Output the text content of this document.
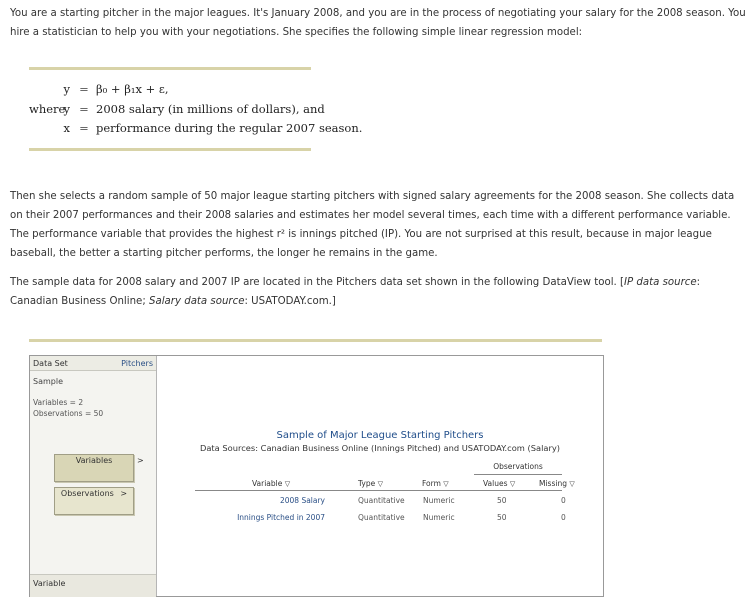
You are a starting pitcher in the major leagues. It's January 2008, and you are in the process of negotiating your salary for the 2008 season. You hire a statistician to help you with your negotiations. She specifies the following simple linear regression model:

y = β₀ + β₁x + ε,
where
y = 2008 salary (in millions of dollars), and
x = performance during the regular 2007 season.

Then she selects a random sample of 50 major league starting pitchers with signed salary agreements for the 2008 season. She collects data on their 2007 performances and their 2008 salaries and estimates her model several times, each time with a different performance variable. The performance variable that provides the highest r² is innings pitched (IP). You are not surprised at this result, because in major league baseball, the better a starting pitcher performs, the longer he remains in the game.

The sample data for 2008 salary and 2007 IP are located in the Pitchers data set shown in the following DataView tool. [IP data source: Canadian Business Online; Salary data source: USATODAY.com.]

Data Set	Pitchers
Sample
Variables = 2
Observations = 50
Variables	>
Observations >
Variable
Sample of Major League Starting Pitchers
Data Sources: Canadian Business Online (Innings Pitched) and USATODAY.com (Salary)
Observations
Variable ▽	Type ▽	Form ▽	Values ▽	Missing ▽
2008 Salary	Quantitative Numeric	50	0
Innings Pitched in 2007	Quantitative Numeric	50	0
